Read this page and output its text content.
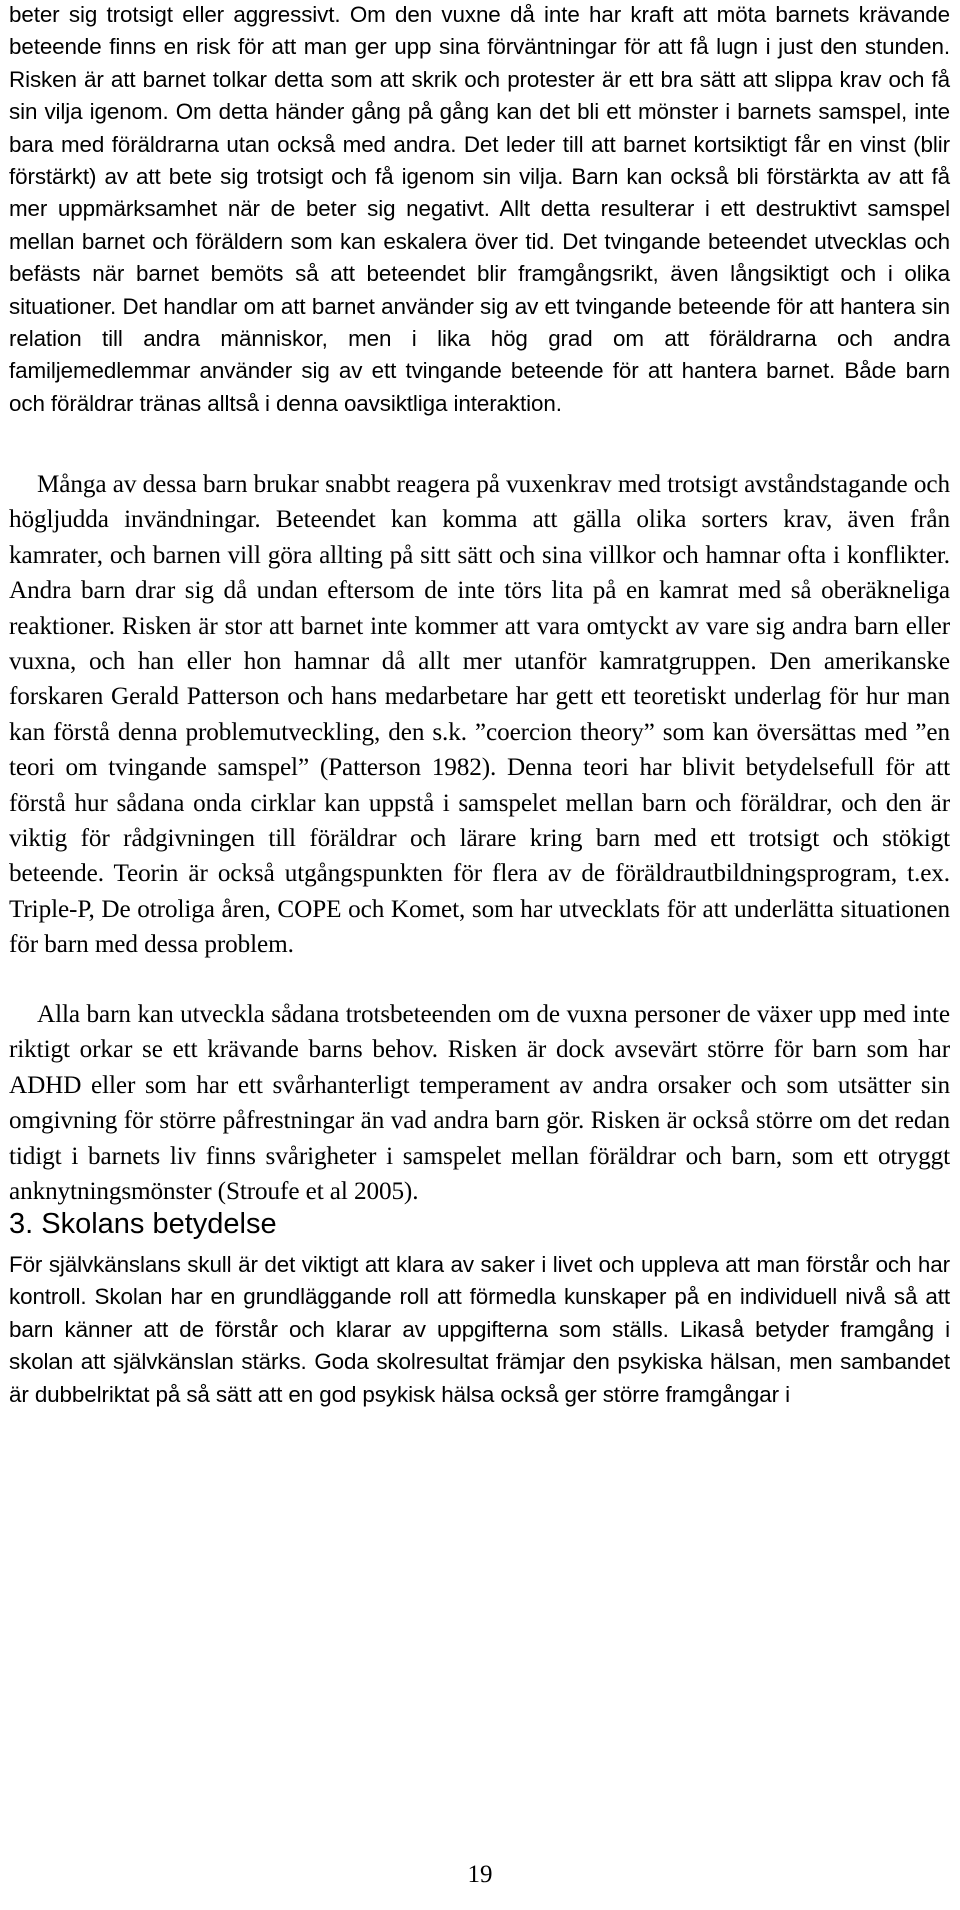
beter sig trotsigt eller aggressivt. Om den vuxne då inte har kraft att möta barnets krävande beteende finns en risk för att man ger upp sina förväntningar för att få lugn i just den stunden. Risken är att barnet tolkar detta som att skrik och protester är ett bra sätt att slippa krav och få sin vilja igenom. Om detta händer gång på gång kan det bli ett mönster i barnets samspel, inte bara med föräldrarna utan också med andra. Det leder till att barnet kortsiktigt får en vinst (blir förstärkt) av att bete sig trotsigt och få igenom sin vilja. Barn kan också bli förstärkta av att få mer uppmärksamhet när de beter sig negativt. Allt detta resulterar i ett destruktivt samspel mellan barnet och föräldern som kan eskalera över tid. Det tvingande beteendet utvecklas och befästs när barnet bemöts så att beteendet blir framgångsrikt, även långsiktigt och i olika situationer. Det handlar om att barnet använder sig av ett tvingande beteende för att hantera sin relation till andra människor, men i lika hög grad om att föräldrarna och andra familjemedlemmar använder sig av ett tvingande beteende för att hantera barnet. Både barn och föräldrar tränas alltså i denna oavsiktliga interaktion.

Många av dessa barn brukar snabbt reagera på vuxenkrav med trotsigt avståndstagande och högljudda invändningar. Beteendet kan komma att gälla olika sorters krav, även från kamrater, och barnen vill göra allting på sitt sätt och sina villkor och hamnar ofta i konflikter. Andra barn drar sig då undan eftersom de inte törs lita på en kamrat med så oberäkneliga reaktioner. Risken är stor att barnet inte kommer att vara omtyckt av vare sig andra barn eller vuxna, och han eller hon hamnar då allt mer utanför kamratgruppen. Den amerikanske forskaren Gerald Patterson och hans medarbetare har gett ett teoretiskt underlag för hur man kan förstå denna problemutveckling, den s.k. ”coercion theory” som kan översättas med ”en teori om tvingande samspel” (Patterson 1982). Denna teori har blivit betydelsefull för att förstå hur sådana onda cirklar kan uppstå i samspelet mellan barn och föräldrar, och den är viktig för rådgivningen till föräldrar och lärare kring barn med ett trotsigt och stökigt beteende. Teorin är också utgångspunkten för flera av de föräldrautbildningsprogram, t.ex. Triple-P, De otroliga åren, COPE och Komet, som har utvecklats för att underlätta situationen för barn med dessa problem.

Alla barn kan utveckla sådana trotsbeteenden om de vuxna personer de växer upp med inte riktigt orkar se ett krävande barns behov. Risken är dock avsevärt större för barn som har ADHD eller som har ett svårhanterligt temperament av andra orsaker och som utsätter sin omgivning för större påfrestningar än vad andra barn gör. Risken är också större om det redan tidigt i barnets liv finns svårigheter i samspelet mellan föräldrar och barn, som ett otryggt anknytningsmönster (Stroufe et al 2005).

3. Skolans betydelse

För självkänslans skull är det viktigt att klara av saker i livet och uppleva att man förstår och har kontroll. Skolan har en grundläggande roll att förmedla kunskaper på en individuell nivå så att barn känner att de förstår och klarar av uppgifterna som ställs. Likaså betyder framgång i skolan att självkänslan stärks. Goda skolresultat främjar den psykiska hälsan, men sambandet är dubbelriktat på så sätt att en god psykisk hälsa också ger större framgångar i

19
